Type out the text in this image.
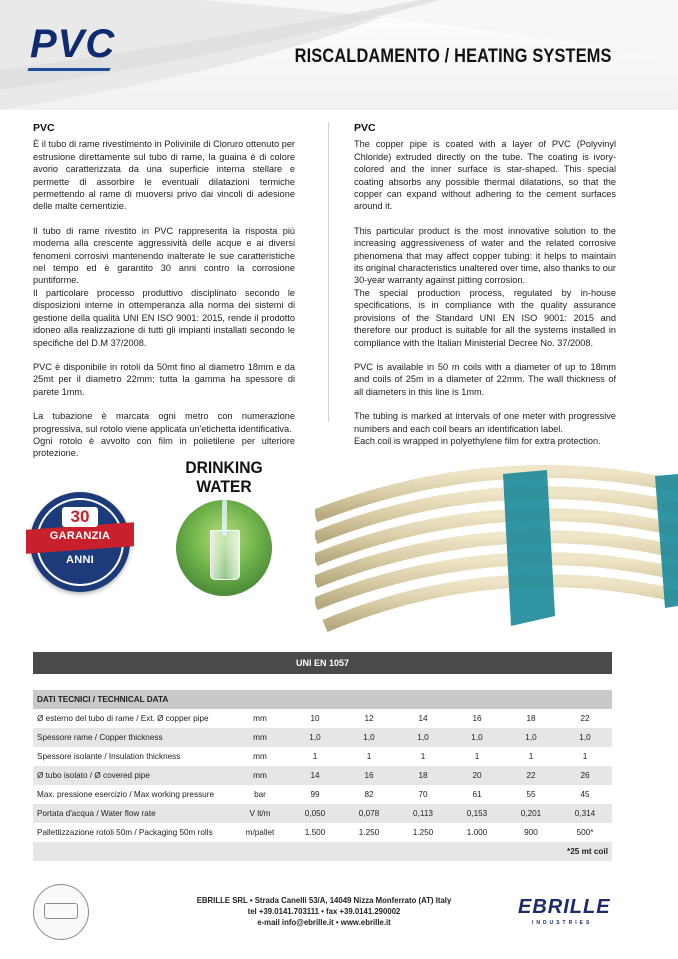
PVC	RISCALDAMENTO / HEATING SYSTEMS
PVC

È il tubo di rame rivestimento in Polivinile di Cloruro ottenuto per estrusione direttamente sul tubo di rame, la guaina è di colore avorio caratterizzata da una superficie interna stellare e permette di assorbire le eventuali dilatazioni termiche permettendo al rame di muoversi privo dai vincoli di adesione delle malte cementizie.

Il tubo di rame rivestito in PVC rappresenta la risposta più moderna alla crescente aggressività delle acque e ai diversi fenomeni corrosivi mantenendo inalterate le sue caratteristiche nel tempo ed è garantito 30 anni contro la corrosione puntiforme.

Il particolare processo produttivo disciplinato secondo le disposizioni interne in ottemperanza alla norma dei sistemi di gestione della qualità UNI EN ISO 9001: 2015, rende il prodotto idoneo alla realizzazione di tutti gli impianti installati secondo le specifiche del D.M 37/2008.

PVC è disponibile in rotoli da 50mt fino al diametro 18mm e da 25mt per il diametro 22mm; tutta la gamma ha spessore di parete 1mm.

La tubazione è marcata ogni metro con numerazione progressiva, sul rotolo viene applicata un'etichetta identificativa.

Ogni rotolo è avvolto con film in polietilene per ulteriore protezione.

PVC

The copper pipe is coated with a layer of PVC (Polyvinyl Chloride) extruded directly on the tube. The coating is ivory-colored and the inner surface is star-shaped. This special coating absorbs any possible thermal dilatations, so that the copper can expand without adhering to the cement surfaces around it.

This particular product is the most innovative solution to the increasing aggressiveness of water and the related corrosive phenomena that may affect copper tubing: it helps to maintain its original characteristics unaltered over time, also thanks to our 30-year warranty against pitting corrosion.

The special production process, regulated by in-house specifications, is in compliance with the quality assurance provisions of the Standard UNI EN ISO 9001: 2015 and therefore our product is suitable for all the systems installed in compliance with the Italian Ministerial Decree No. 37/2008.

PVC is available in 50 m coils with a diameter of up to 18mm and coils of 25m in a diameter of 22mm. The wall thickness of all diameters in this line is 1mm.

The tubing is marked at intervals of one meter with progressive numbers and each coil bears an identification label.

Each coil is wrapped in polyethylene film for extra protection.

30
GARANZIA
ANNI
DRINKING
WATER
UNI EN 1057
DATI TECNICI / TECHNICAL DATA
Ø esterno del tubo di rame / Ext. Ø copper pipe	mm	10	12	14	16	18	22
Spessore rame / Copper thickness	mm	1,0	1,0	1,0	1,0	1,0	1,0
Spessore isolante / Insulation thickness	mm	1	1	1	1	1	1
Ø tubo isolato / Ø covered pipe	mm	14	16	18	20	22	26
Max. pressione esercizio / Max working pressure	bar	99	82	70	61	55	45
Portata d'acqua / Water flow rate	V lt/m	0,050	0,078	0,113	0,153	0,201	0,314
Pallettizzazione rotoli 50m / Packaging 50m rolls	m/pallet	1.500	1.250	1.250	1.000	900	500*
*25 mt coil
EBRILLE SRL • Strada Canelli 53/A, 14049 Nizza Monferrato (AT) Italy
tel +39.0141.703111 • fax +39.0141.290002
e-mail info@ebrille.it • www.ebrille.it
EBRILLE
INDUSTRIES
